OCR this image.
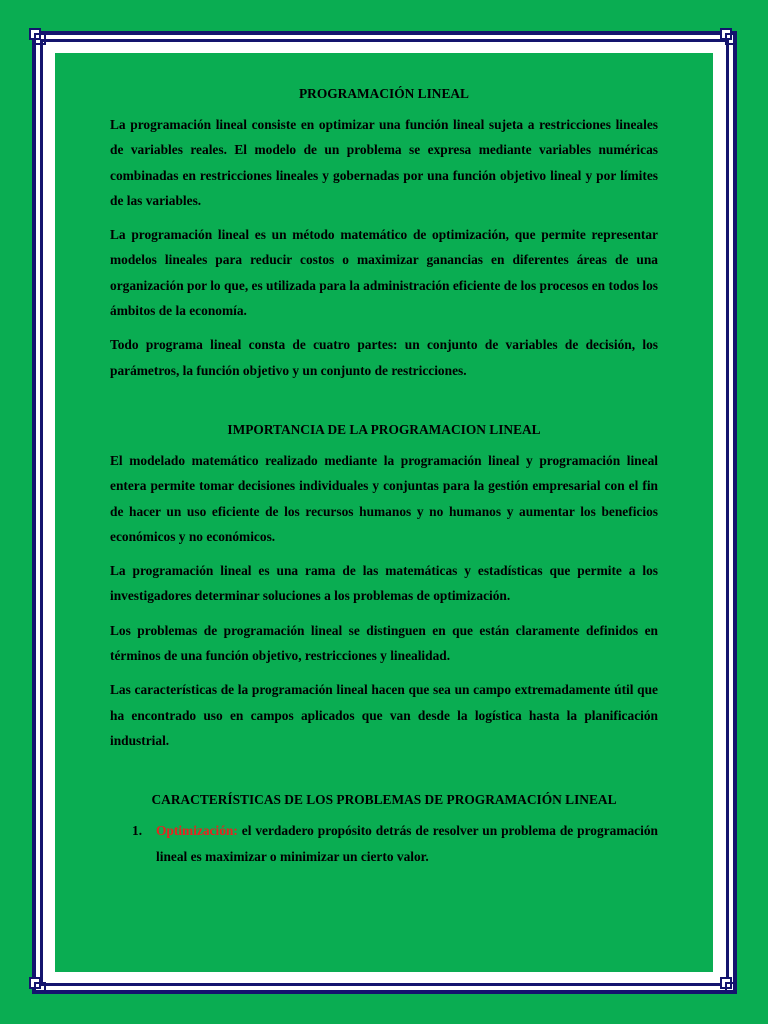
PROGRAMACIÓN LINEAL

La programación lineal consiste en optimizar una función lineal sujeta a restricciones lineales de variables reales. El modelo de un problema se expresa mediante variables numéricas combinadas en restricciones lineales y gobernadas por una función objetivo lineal y por límites de las variables.

La programación lineal es un método matemático de optimización, que permite representar modelos lineales para reducir costos o maximizar ganancias en diferentes áreas de una organización por lo que, es utilizada para la administración eficiente de los procesos en todos los ámbitos de la economía.

Todo programa lineal consta de cuatro partes: un conjunto de variables de decisión, los parámetros, la función objetivo y un conjunto de restricciones.

IMPORTANCIA DE LA PROGRAMACION LINEAL

El modelado matemático realizado mediante la programación lineal y programación lineal entera permite tomar decisiones individuales y conjuntas para la gestión empresarial con el fin de hacer un uso eficiente de los recursos humanos y no humanos y aumentar los beneficios económicos y no económicos.

La programación lineal es una rama de las matemáticas y estadísticas que permite a los investigadores determinar soluciones a los problemas de optimización.

Los problemas de programación lineal se distinguen en que están claramente definidos en términos de una función objetivo, restricciones y linealidad.

Las características de la programación lineal hacen que sea un campo extremadamente útil que ha encontrado uso en campos aplicados que van desde la logística hasta la planificación industrial.

CARACTERÍSTICAS DE LOS PROBLEMAS DE PROGRAMACIÓN LINEAL
1. Optimización: el verdadero propósito detrás de resolver un problema de programación lineal es maximizar o minimizar un cierto valor.
